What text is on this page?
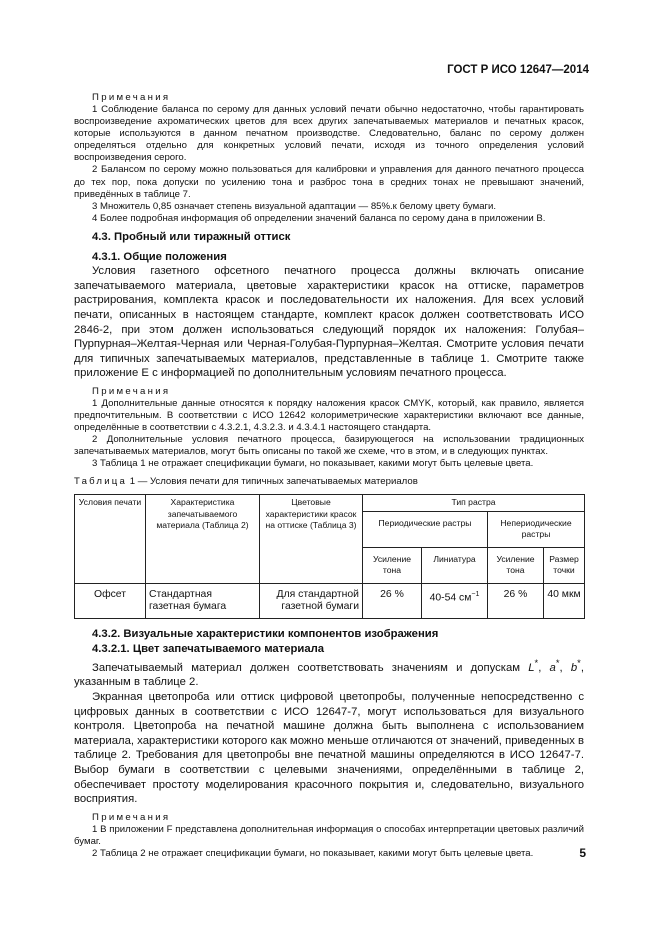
ГОСТ Р ИСО 12647—2014

Примечания

1 Соблюдение баланса по серому для данных условий печати обычно недостаточно, чтобы гарантировать воспроизведение ахроматических цветов для всех других запечатываемых материалов и печатных красок, которые используются в данном печатном производстве. Следовательно, баланс по серому должен определяться отдельно для конкретных условий печати, исходя из точного определения условий воспроизведения серого.

2 Балансом по серому можно пользоваться для калибровки и управления для данного печатного процесса до тех пор, пока допуски по усилению тона и разброс тона в средних тонах не превышают значений, приведённых в таблице 7.

3 Множитель 0,85 означает степень визуальной адаптации — 85%.к белому цвету бумаги.

4 Более подробная информация об определении значений баланса по серому дана в приложении В.

4.3. Пробный или тиражный оттиск

4.3.1. Общие положения

Условия газетного офсетного печатного процесса должны включать описание запечатываемого материала, цветовые характеристики красок на оттиске, параметров растрирования, комплекта красок и последовательности их наложения. Для всех условий печати, описанных в настоящем стандарте, комплект красок должен соответствовать ИСО 2846-2, при этом должен использоваться следующий порядок их наложения: Голубая–Пурпурная–Желтая-Черная или Черная-Голубая-Пурпурная–Желтая. Смотрите условия печати для типичных запечатываемых материалов, представленные в таблице 1. Смотрите также приложение Е с информацией по дополнительным условиям печатного процесса.

Примечания

1 Дополнительные данные относятся к порядку наложения красок CMYK, который, как правило, является предпочтительным. В соответствии с ИСО 12642 колориметрические характеристики включают все данные, определённые в соответствии с 4.3.2.1, 4.3.2.3. и 4.3.4.1 настоящего стандарта.

2 Дополнительные условия печатного процесса, базирующегося на использовании традиционных запечатываемых материалов, могут быть описаны по такой же схеме, что в этом, и в следующих пунктах.

3 Таблица 1 не отражает спецификации бумаги, но показывает, какими могут быть целевые цвета.

Таблица 1 — Условия печати для типичных запечатываемых материалов

Условия печати	Характеристика запечатываемого материала (Таблица 2)	Цветовые характеристики красок на оттиске (Таблица 3)	Тип растра			
			Периодические растры		Непериодические растры	
			Усиление тона	Линиатура	Усиление тона	Размер точки
Офсет	Стандартная газетная бумага	Для стандартной газетной бумаги	26 %	40-54 $см^{-1}$	26 %	40 мкм

4.3.2. Визуальные характеристики компонентов изображения

4.3.2.1. Цвет запечатываемого материала

Запечатываемый материал должен соответствовать значениям и допускам L*, a*, b*, указанным в таблице 2.

Экранная цветопроба или оттиск цифровой цветопробы, полученные непосредственно с цифровых данных в соответствии с ИСО 12647-7, могут использоваться для визуального контроля. Цветопроба на печатной машине должна быть выполнена с использованием материала, характеристики которого как можно меньше отличаются от значений, приведенных в таблице 2. Требования для цветопробы вне печатной машины определяются в ИСО 12647-7. Выбор бумаги в соответствии с целевыми значениями, определёнными в таблице 2, обеспечивает простоту моделирования красочного покрытия и, следовательно, визуального восприятия.

Примечания

1 В приложении F представлена дополнительная информация о способах интерпретации цветовых различий бумаг.

2 Таблица 2 не отражает спецификации бумаги, но показывает, какими могут быть целевые цвета.	5
